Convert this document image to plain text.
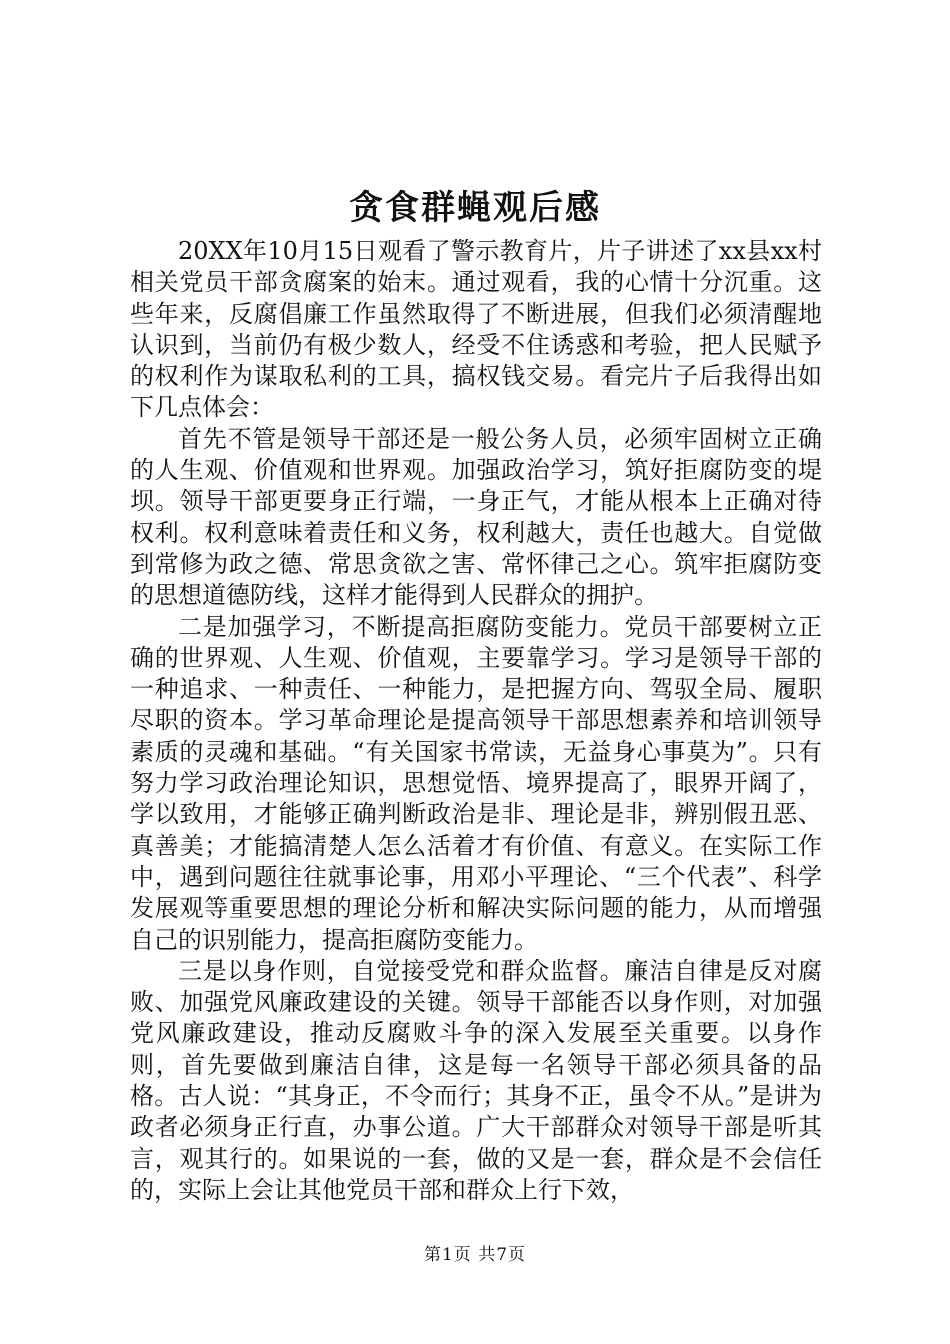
贪食群蝇观后感

20XX年10月15日观看了警示教育片，片子讲述了xx县xx村相关党员干部贪腐案的始末。通过观看，我的心情十分沉重。这些年来，反腐倡廉工作虽然取得了不断进展，但我们必须清醒地认识到，当前仍有极少数人，经受不住诱惑和考验，把人民赋予的权利作为谋取私利的工具，搞权钱交易。看完片子后我得出如下几点体会：

首先不管是领导干部还是一般公务人员，必须牢固树立正确的人生观、价值观和世界观。加强政治学习，筑好拒腐防变的堤坝。领导干部更要身正行端，一身正气，才能从根本上正确对待权利。权利意味着责任和义务，权利越大，责任也越大。自觉做到常修为政之德、常思贪欲之害、常怀律己之心。筑牢拒腐防变的思想道德防线，这样才能得到人民群众的拥护。

二是加强学习，不断提高拒腐防变能力。党员干部要树立正确的世界观、人生观、价值观，主要靠学习。学习是领导干部的一种追求、一种责任、一种能力，是把握方向、驾驭全局、履职尽职的资本。学习革命理论是提高领导干部思想素养和培训领导素质的灵魂和基础。“有关国家书常读，无益身心事莫为”。只有努力学习政治理论知识，思想觉悟、境界提高了，眼界开阔了，学以致用，才能够正确判断政治是非、理论是非，辨别假丑恶、真善美；才能搞清楚人怎么活着才有价值、有意义。在实际工作中，遇到问题往往就事论事，用邓小平理论、“三个代表”、科学发展观等重要思想的理论分析和解决实际问题的能力，从而增强自己的识别能力，提高拒腐防变能力。

三是以身作则，自觉接受党和群众监督。廉洁自律是反对腐败、加强党风廉政建设的关键。领导干部能否以身作则，对加强党风廉政建设，推动反腐败斗争的深入发展至关重要。以身作则，首先要做到廉洁自律，这是每一名领导干部必须具备的品格。古人说：“其身正，不令而行；其身不正，虽令不从。”是讲为政者必须身正行直，办事公道。广大干部群众对领导干部是听其言，观其行的。如果说的一套，做的又是一套，群众是不会信任的，实际上会让其他党员干部和群众上行下效，

第1页 共7页
